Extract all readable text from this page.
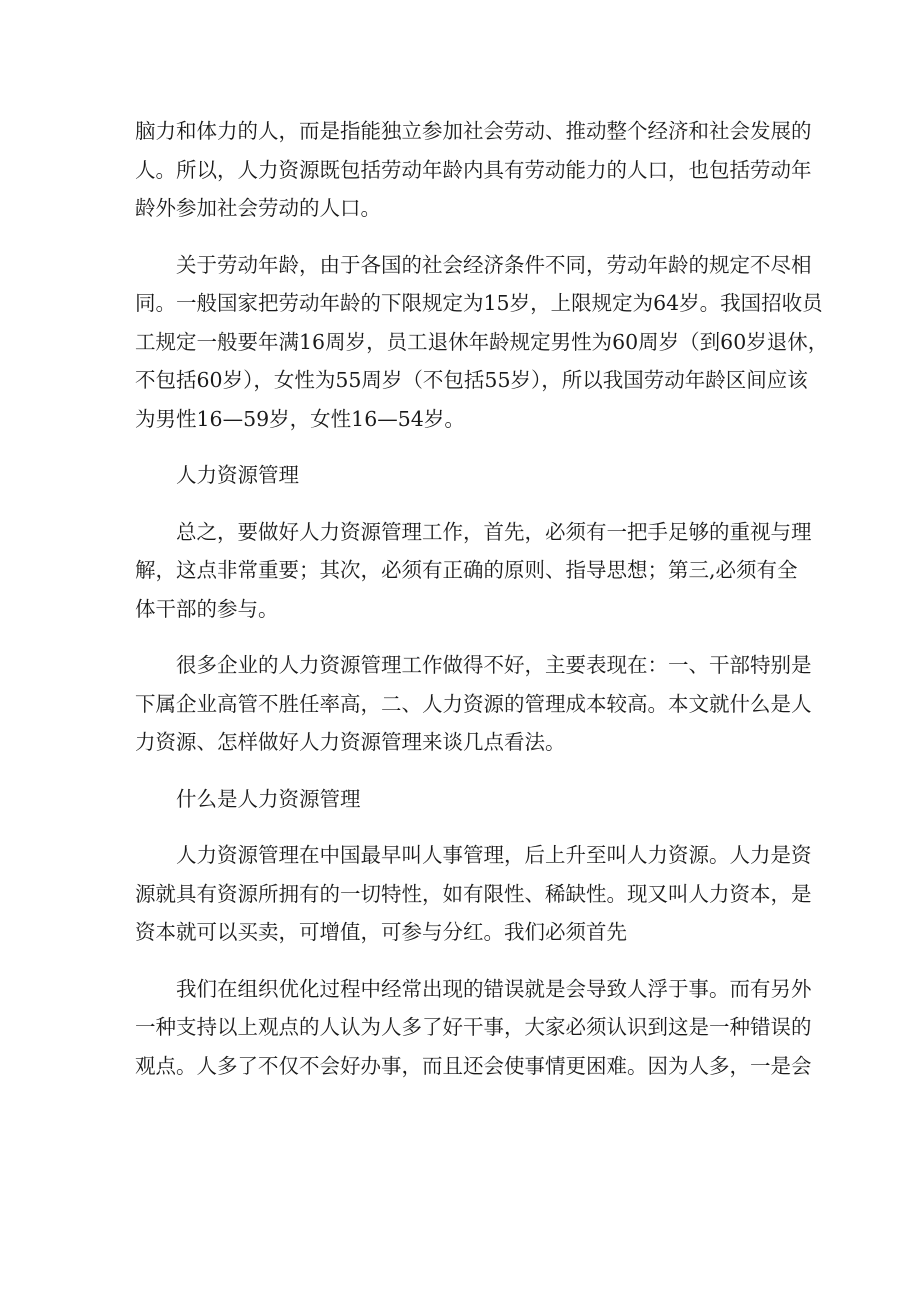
脑力和体力的人，而是指能独立参加社会劳动、推动整个经济和社会发展的
人。所以，人力资源既包括劳动年龄内具有劳动能力的人口，也包括劳动年
龄外参加社会劳动的人口。
关于劳动年龄，由于各国的社会经济条件不同，劳动年龄的规定不尽相
同。一般国家把劳动年龄的下限规定为15岁，上限规定为64岁。我国招收员
工规定一般要年满16周岁，员工退休年龄规定男性为60周岁（到60岁退休，
不包括60岁），女性为55周岁（不包括55岁），所以我国劳动年龄区间应该
为男性16—59岁，女性16—54岁。
人力资源管理
总之，要做好人力资源管理工作，首先，必须有一把手足够的重视与理
解，这点非常重要；其次，必须有正确的原则、指导思想；第三,必须有全
体干部的参与。
很多企业的人力资源管理工作做得不好，主要表现在：一、干部特别是
下属企业高管不胜任率高，二、人力资源的管理成本较高。本文就什么是人
力资源、怎样做好人力资源管理来谈几点看法。
什么是人力资源管理
人力资源管理在中国最早叫人事管理，后上升至叫人力资源。人力是资
源就具有资源所拥有的一切特性，如有限性、稀缺性。现又叫人力资本，是
资本就可以买卖，可增值，可参与分红。我们必须首先
我们在组织优化过程中经常出现的错误就是会导致人浮于事。而有另外
一种支持以上观点的人认为人多了好干事，大家必须认识到这是一种错误的
观点。人多了不仅不会好办事，而且还会使事情更困难。因为人多，一是会
